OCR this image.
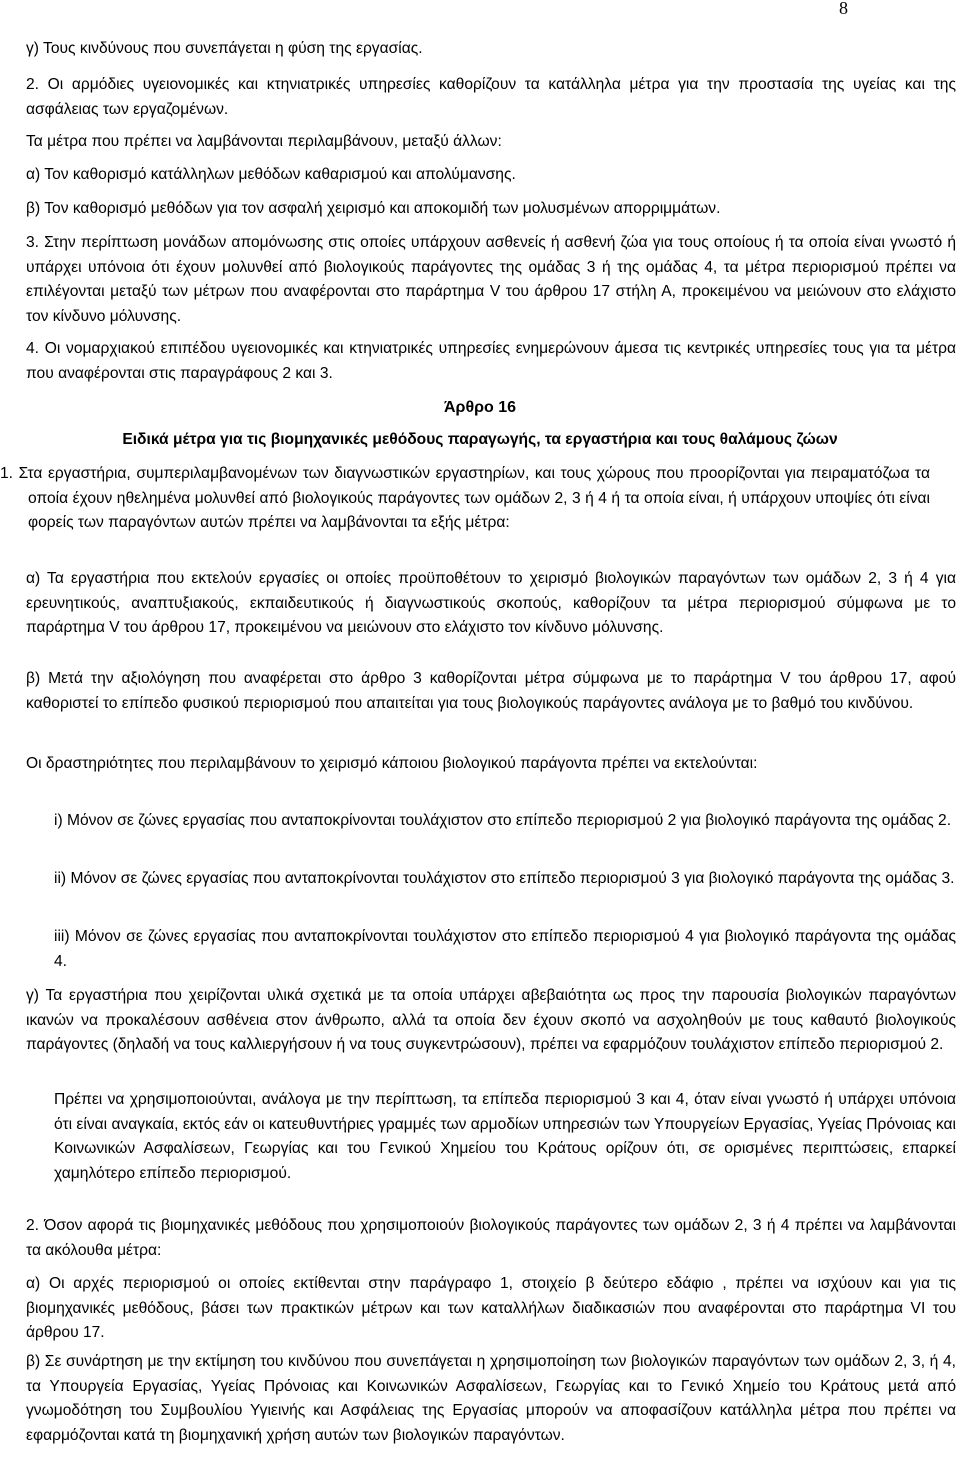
8

γ) Τους κινδύνους που συνεπάγεται η φύση της εργασίας.

2. Οι αρμόδιες υγειονομικές και κτηνιατρικές υπηρεσίες καθορίζουν τα κατάλληλα μέτρα για την προστασία της υγείας και της ασφάλειας των εργαζομένων.

Τα μέτρα που πρέπει να λαμβάνονται περιλαμβάνουν, μεταξύ άλλων:

α) Τον καθορισμό κατάλληλων μεθόδων καθαρισμού και απολύμανσης.

β) Τον καθορισμό μεθόδων για τον ασφαλή χειρισμό και αποκομιδή των μολυσμένων απορριμμάτων.

3. Στην περίπτωση μονάδων απομόνωσης στις οποίες υπάρχουν ασθενείς ή ασθενή ζώα για τους οποίους ή τα οποία είναι γνωστό ή υπάρχει υπόνοια ότι έχουν μολυνθεί από βιολογικούς παράγοντες της ομάδας 3 ή της ομάδας 4, τα μέτρα περιορισμού πρέπει να επιλέγονται μεταξύ των μέτρων που αναφέρονται στο παράρτημα V του άρθρου 17 στήλη Α, προκειμένου να μειώνουν στο ελάχιστο τον κίνδυνο μόλυνσης.

4. Οι νομαρχιακού επιπέδου υγειονομικές και κτηνιατρικές υπηρεσίες ενημερώνουν άμεσα τις κεντρικές υπηρεσίες τους για τα μέτρα που αναφέρονται στις παραγράφους 2 και 3.

Άρθρο 16
Ειδικά μέτρα για τις βιομηχανικές μεθόδους παραγωγής, τα εργαστήρια και τους θαλάμους ζώων

1. Στα εργαστήρια, συμπεριλαμβανομένων των διαγνωστικών εργαστηρίων, και τους χώρους που προορίζονται για πειραματόζωα τα οποία έχουν ηθελημένα μολυνθεί από βιολογικούς παράγοντες των ομάδων 2, 3 ή 4 ή τα οποία είναι, ή υπάρχουν υποψίες ότι είναι φορείς των παραγόντων αυτών πρέπει να λαμβάνονται τα εξής μέτρα:

α) Τα εργαστήρια που εκτελούν εργασίες οι οποίες προϋποθέτουν το χειρισμό βιολογικών παραγόντων των ομάδων 2, 3 ή 4 για ερευνητικούς, αναπτυξιακούς, εκπαιδευτικούς ή διαγνωστικούς σκοπούς, καθορίζουν τα μέτρα περιορισμού σύμφωνα με το παράρτημα V του άρθρου 17, προκειμένου να μειώνουν στο ελάχιστο τον κίνδυνο μόλυνσης.

β) Μετά την αξιολόγηση που αναφέρεται στο άρθρο 3 καθορίζονται μέτρα σύμφωνα με το παράρτημα V του άρθρου 17, αφού καθοριστεί το επίπεδο φυσικού περιορισμού που απαιτείται για τους βιολογικούς παράγοντες ανάλογα με το βαθμό του κινδύνου.

Οι δραστηριότητες που περιλαμβάνουν το χειρισμό κάποιου βιολογικού παράγοντα πρέπει να εκτελούνται:

i) Μόνον σε ζώνες εργασίας που ανταποκρίνονται τουλάχιστον στο επίπεδο περιορισμού 2 για βιολογικό παράγοντα της ομάδας 2.

ii) Μόνον σε ζώνες εργασίας που ανταποκρίνονται τουλάχιστον στο επίπεδο περιορισμού 3 για βιολογικό παράγοντα της ομάδας 3.

iii) Μόνον σε ζώνες εργασίας που ανταποκρίνονται τουλάχιστον στο επίπεδο περιορισμού 4 για βιολογικό παράγοντα της ομάδας 4.

γ) Τα εργαστήρια που χειρίζονται υλικά σχετικά με τα οποία υπάρχει αβεβαιότητα ως προς την παρουσία βιολογικών παραγόντων ικανών να προκαλέσουν ασθένεια στον άνθρωπο, αλλά τα οποία δεν έχουν σκοπό να ασχοληθούν με τους καθαυτό βιολογικούς παράγοντες (δηλαδή να τους καλλιεργήσουν ή να τους συγκεντρώσουν), πρέπει να εφαρμόζουν τουλάχιστον επίπεδο περιορισμού 2.

Πρέπει να χρησιμοποιούνται, ανάλογα με την περίπτωση, τα επίπεδα περιορισμού 3 και 4, όταν είναι γνωστό ή υπάρχει υπόνοια ότι είναι αναγκαία, εκτός εάν οι κατευθυντήριες γραμμές των αρμοδίων υπηρεσιών των Υπουργείων Εργασίας, Υγείας Πρόνοιας και Κοινωνικών Ασφαλίσεων, Γεωργίας και του Γενικού Χημείου του Κράτους ορίζουν ότι, σε ορισμένες περιπτώσεις, επαρκεί χαμηλότερο επίπεδο περιορισμού.

2. Όσον αφορά τις βιομηχανικές μεθόδους που χρησιμοποιούν βιολογικούς παράγοντες των ομάδων 2, 3 ή 4 πρέπει να λαμβάνονται τα ακόλουθα μέτρα:

α) Οι αρχές περιορισμού οι οποίες εκτίθενται στην παράγραφο 1, στοιχείο β δεύτερο εδάφιο , πρέπει να ισχύουν και για τις βιομηχανικές μεθόδους, βάσει των πρακτικών μέτρων και των καταλλήλων διαδικασιών που αναφέρονται στο παράρτημα VI του άρθρου 17.

β) Σε συνάρτηση με την εκτίμηση του κινδύνου που συνεπάγεται η χρησιμοποίηση των βιολογικών παραγόντων των ομάδων 2, 3, ή 4, τα Υπουργεία Εργασίας, Υγείας Πρόνοιας και Κοινωνικών Ασφαλίσεων, Γεωργίας και το Γενικό Χημείο του Κράτους μετά από γνωμοδότηση του Συμβουλίου Υγιεινής και Ασφάλειας της Εργασίας μπορούν να αποφασίζουν κατάλληλα μέτρα που πρέπει να εφαρμόζονται κατά τη βιομηχανική χρήση αυτών των βιολογικών παραγόντων.
